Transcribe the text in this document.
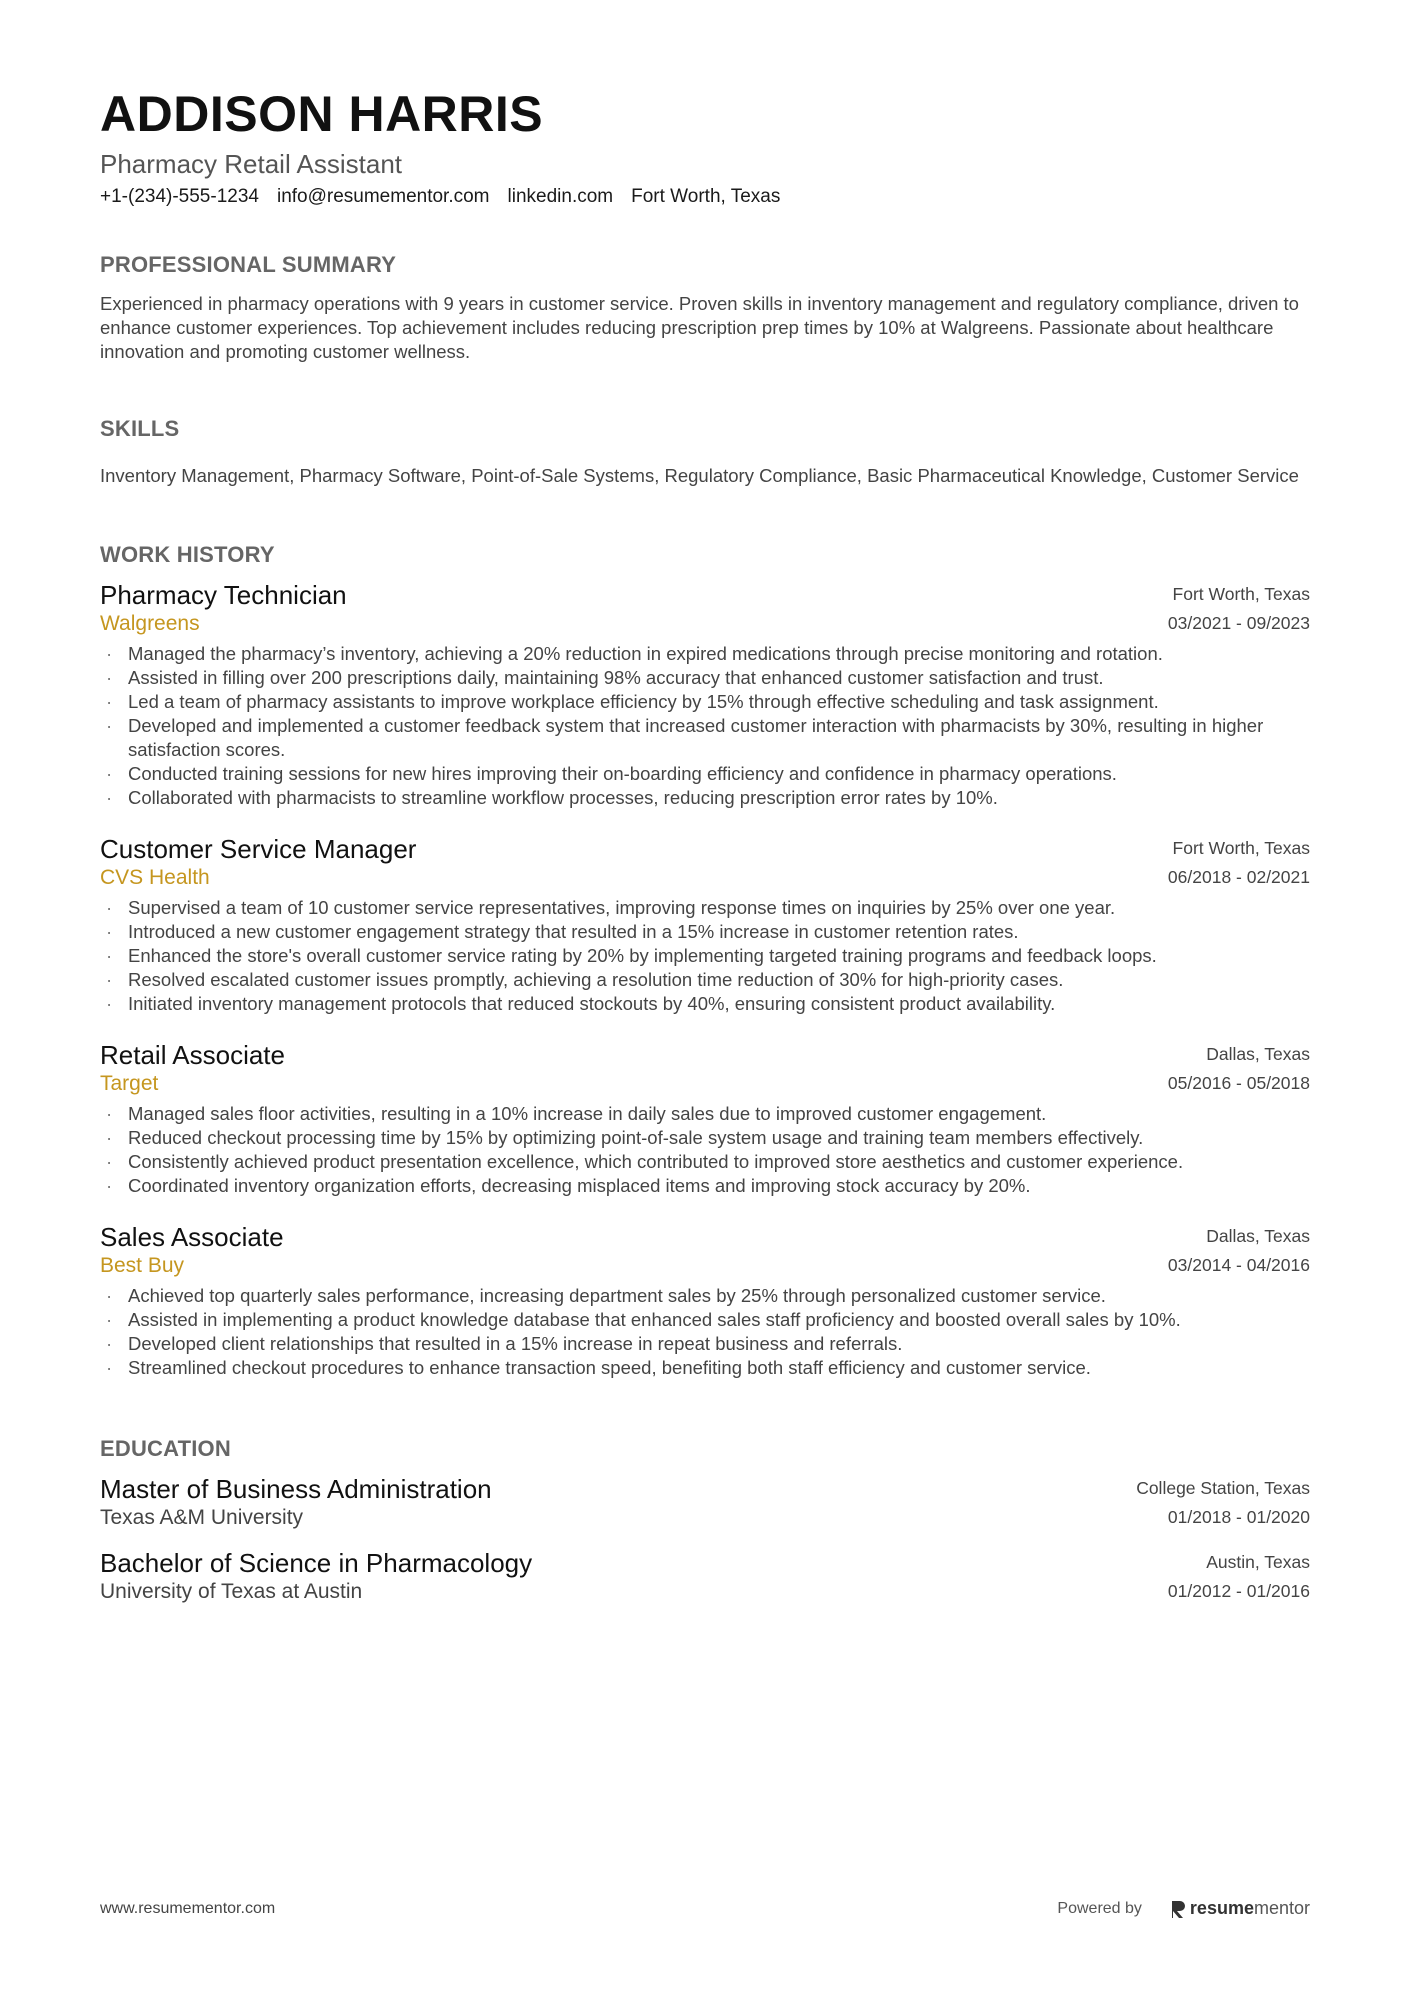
ADDISON HARRIS
Pharmacy Retail Assistant
+1-(234)-555-1234 info@resumementor.com linkedin.com Fort Worth, Texas
PROFESSIONAL SUMMARY

Experienced in pharmacy operations with 9 years in customer service. Proven skills in inventory management and regulatory compliance, driven to enhance customer experiences. Top achievement includes reducing prescription prep times by 10% at Walgreens. Passionate about healthcare innovation and promoting customer wellness.

SKILLS

Inventory Management, Pharmacy Software, Point-of-Sale Systems, Regulatory Compliance, Basic Pharmaceutical Knowledge, Customer Service

WORK HISTORY
Pharmacy Technician
Walgreens
Fort Worth, Texas
03/2021 - 09/2023
· Managed the pharmacy’s inventory, achieving a 20% reduction in expired medications through precise monitoring and rotation.
· Assisted in filling over 200 prescriptions daily, maintaining 98% accuracy that enhanced customer satisfaction and trust.
· Led a team of pharmacy assistants to improve workplace efficiency by 15% through effective scheduling and task assignment.
· Developed and implemented a customer feedback system that increased customer interaction with pharmacists by 30%, resulting in higher satisfaction scores.
· Conducted training sessions for new hires improving their on-boarding efficiency and confidence in pharmacy operations.
· Collaborated with pharmacists to streamline workflow processes, reducing prescription error rates by 10%.
Customer Service Manager
CVS Health
Fort Worth, Texas
06/2018 - 02/2021
· Supervised a team of 10 customer service representatives, improving response times on inquiries by 25% over one year.
· Introduced a new customer engagement strategy that resulted in a 15% increase in customer retention rates.
· Enhanced the store's overall customer service rating by 20% by implementing targeted training programs and feedback loops.
· Resolved escalated customer issues promptly, achieving a resolution time reduction of 30% for high-priority cases.
· Initiated inventory management protocols that reduced stockouts by 40%, ensuring consistent product availability.
Retail Associate
Target
Dallas, Texas
05/2016 - 05/2018
· Managed sales floor activities, resulting in a 10% increase in daily sales due to improved customer engagement.
· Reduced checkout processing time by 15% by optimizing point-of-sale system usage and training team members effectively.
· Consistently achieved product presentation excellence, which contributed to improved store aesthetics and customer experience.
· Coordinated inventory organization efforts, decreasing misplaced items and improving stock accuracy by 20%.
Sales Associate
Best Buy
Dallas, Texas
03/2014 - 04/2016
· Achieved top quarterly sales performance, increasing department sales by 25% through personalized customer service.
· Assisted in implementing a product knowledge database that enhanced sales staff proficiency and boosted overall sales by 10%.
· Developed client relationships that resulted in a 15% increase in repeat business and referrals.
· Streamlined checkout procedures to enhance transaction speed, benefiting both staff efficiency and customer service.
EDUCATION
Master of Business Administration
Texas A&M University
College Station, Texas
01/2018 - 01/2020
Bachelor of Science in Pharmacology
University of Texas at Austin
Austin, Texas
01/2012 - 01/2016
www.resumementor.com	Powered by	resume mentor
